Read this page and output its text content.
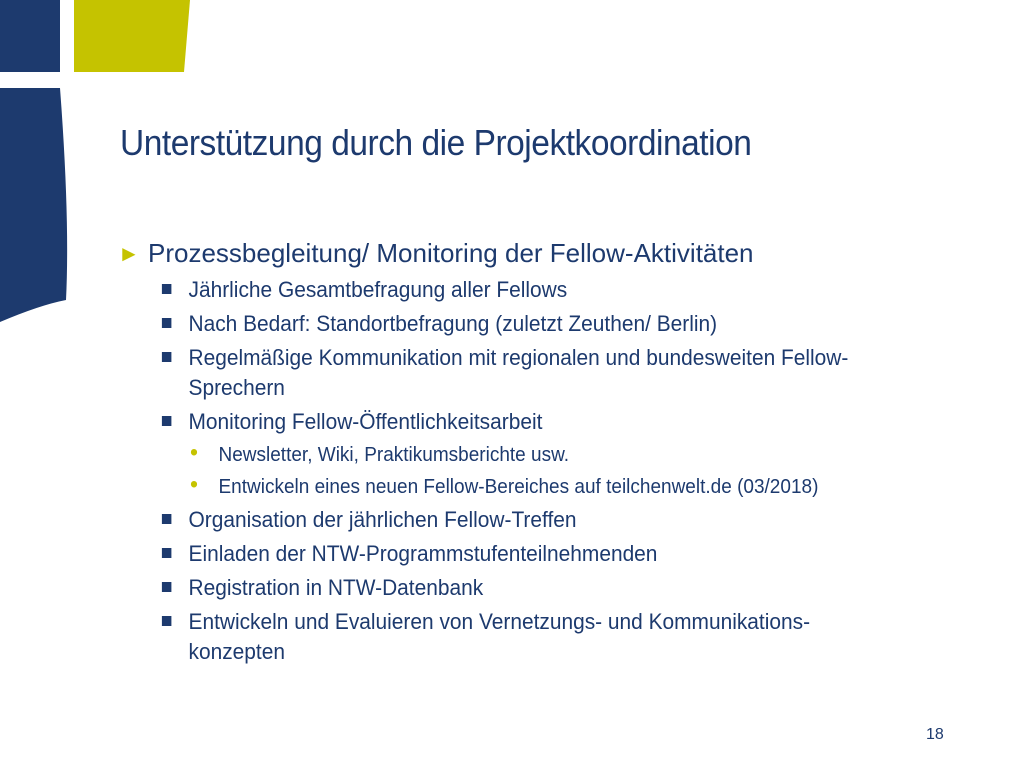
Unterstützung durch die Projektkoordination
► Prozessbegleitung/ Monitoring der Fellow-Aktivitäten
Jährliche Gesamtbefragung aller Fellows
Nach Bedarf: Standortbefragung (zuletzt Zeuthen/ Berlin)
Regelmäßige Kommunikation mit regionalen und bundesweiten Fellow-Sprechern
Monitoring Fellow-Öffentlichkeitsarbeit
•	Newsletter, Wiki, Praktikumsberichte usw.
•	Entwickeln eines neuen Fellow-Bereiches auf teilchenwelt.de (03/2018)
Organisation der jährlichen Fellow-Treffen
Einladen der NTW-Programmstufenteilnehmenden
Registration in NTW-Datenbank
Entwickeln und Evaluieren von Vernetzungs- und Kommunikations-konzepten
18
